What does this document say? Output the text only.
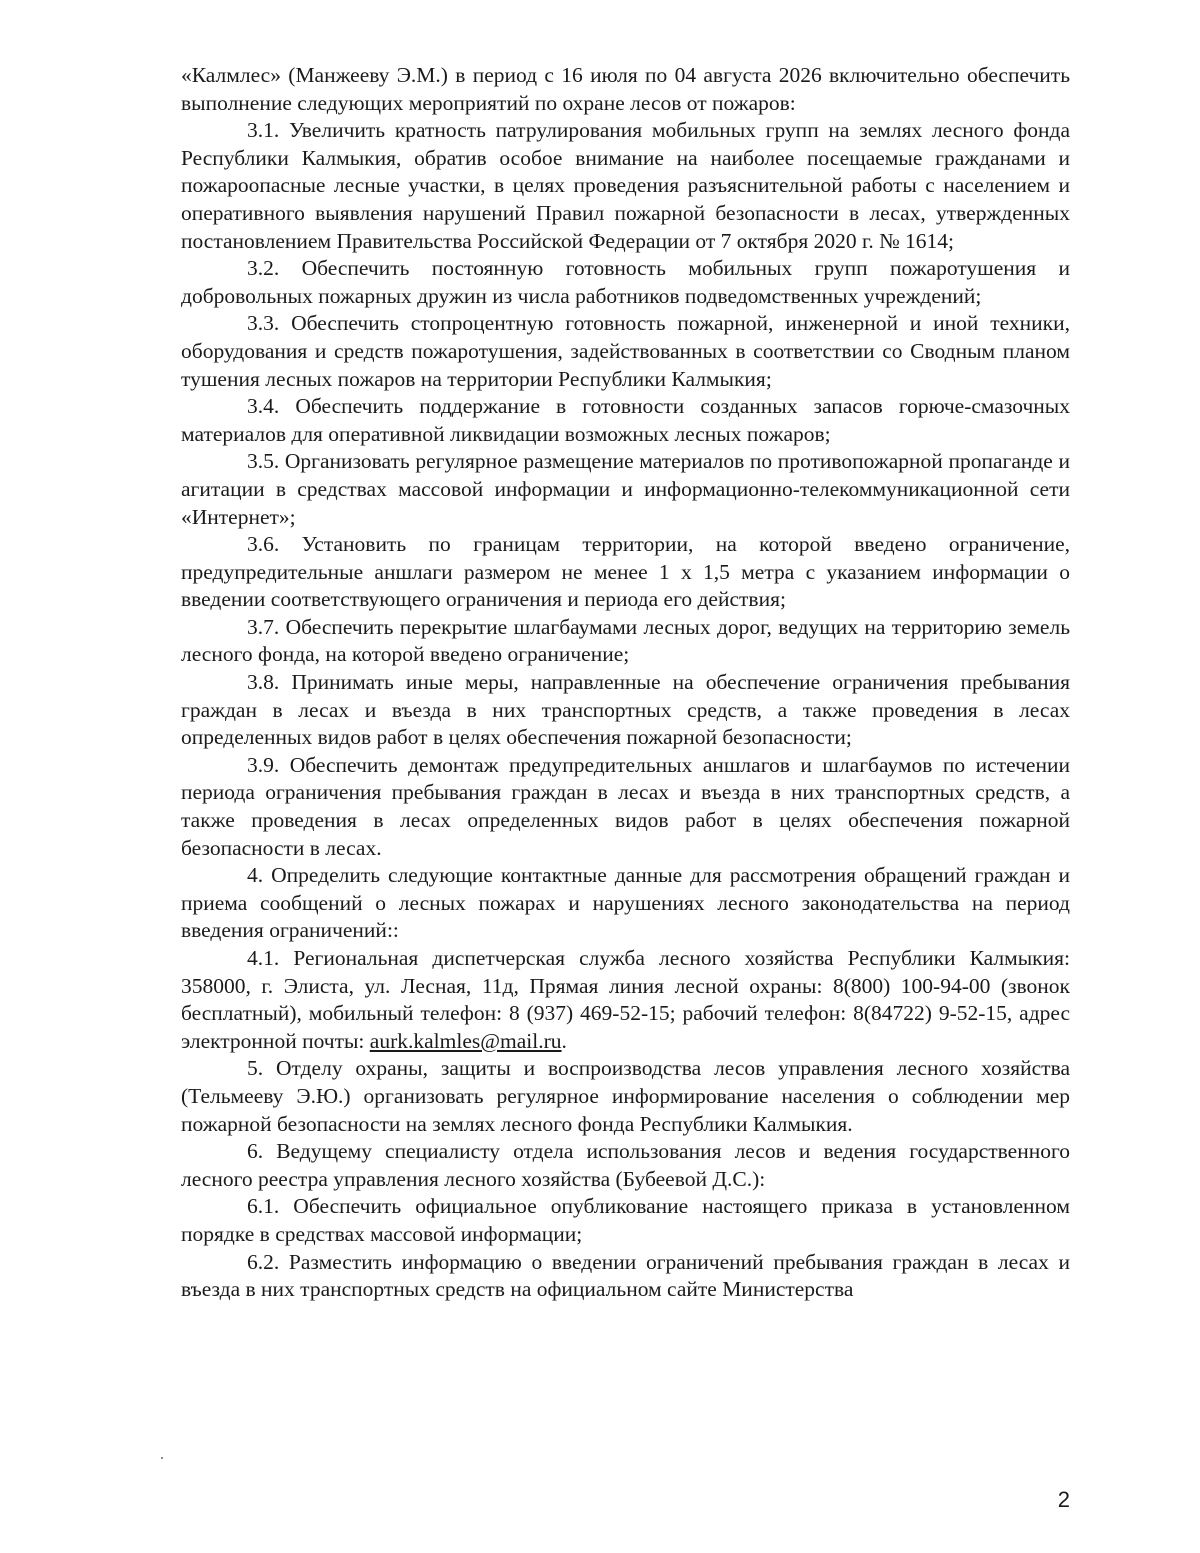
«Калмлес» (Манжееву Э.М.) в период с 16 июля по 04 августа 2026 включительно обеспечить выполнение следующих мероприятий по охране лесов от пожаров:

3.1. Увеличить кратность патрулирования мобильных групп на землях лесного фонда Республики Калмыкия, обратив особое внимание на наиболее посещаемые гражданами и пожароопасные лесные участки, в целях проведения разъяснительной работы с населением и оперативного выявления нарушений Правил пожарной безопасности в лесах, утвержденных постановлением Правительства Российской Федерации от 7 октября 2020 г. № 1614;

3.2. Обеспечить постоянную готовность мобильных групп пожаротушения и добровольных пожарных дружин из числа работников подведомственных учреждений;

3.3. Обеспечить стопроцентную готовность пожарной, инженерной и иной техники, оборудования и средств пожаротушения, задействованных в соответствии со Сводным планом тушения лесных пожаров на территории Республики Калмыкия;

3.4. Обеспечить поддержание в готовности созданных запасов горюче-смазочных материалов для оперативной ликвидации возможных лесных пожаров;

3.5. Организовать регулярное размещение материалов по противопожарной пропаганде и агитации в средствах массовой информации и информационно-телекоммуникационной сети «Интернет»;

3.6. Установить по границам территории, на которой введено ограничение, предупредительные аншлаги размером не менее 1 х 1,5 метра с указанием информации о введении соответствующего ограничения и периода его действия;

3.7. Обеспечить перекрытие шлагбаумами лесных дорог, ведущих на территорию земель лесного фонда, на которой введено ограничение;

3.8. Принимать иные меры, направленные на обеспечение ограничения пребывания граждан в лесах и въезда в них транспортных средств, а также проведения в лесах определенных видов работ в целях обеспечения пожарной безопасности;

3.9. Обеспечить демонтаж предупредительных аншлагов и шлагбаумов по истечении периода ограничения пребывания граждан в лесах и въезда в них транспортных средств, а также проведения в лесах определенных видов работ в целях обеспечения пожарной безопасности в лесах.

4. Определить следующие контактные данные для рассмотрения обращений граждан и приема сообщений о лесных пожарах и нарушениях лесного законодательства на период введения ограничений::

4.1. Региональная диспетчерская служба лесного хозяйства Республики Калмыкия: 358000, г. Элиста, ул. Лесная, 11д, Прямая линия лесной охраны: 8(800) 100-94-00 (звонок бесплатный), мобильный телефон: 8 (937) 469-52-15; рабочий телефон: 8(84722) 9-52-15, адрес электронной почты: aurk.kalmles@mail.ru.

5. Отделу охраны, защиты и воспроизводства лесов управления лесного хозяйства (Тельмееву Э.Ю.) организовать регулярное информирование населения о соблюдении мер пожарной безопасности на землях лесного фонда Республики Калмыкия.

6. Ведущему специалисту отдела использования лесов и ведения государственного лесного реестра управления лесного хозяйства (Бубеевой Д.С.):

6.1. Обеспечить официальное опубликование настоящего приказа в установленном порядке в средствах массовой информации;

6.2. Разместить информацию о введении ограничений пребывания граждан в лесах и въезда в них транспортных средств на официальном сайте Министерства

2
